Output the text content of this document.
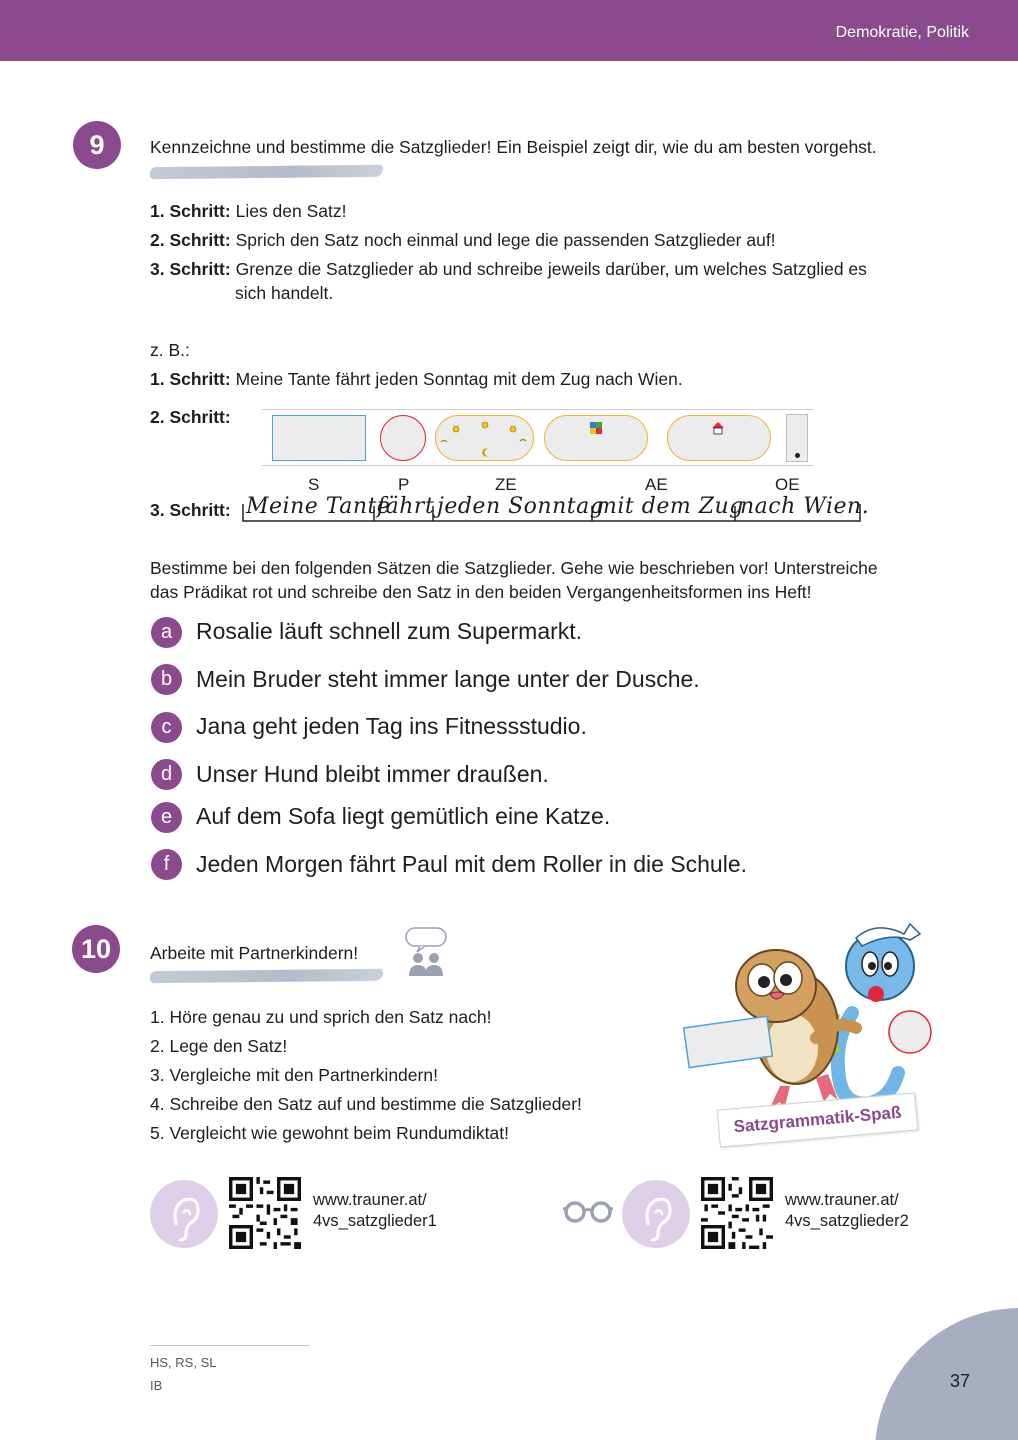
Demokratie, Politik
9	Kennzeichne und bestimme die Satzglieder! Ein Beispiel zeigt dir, wie du am besten vorgehst.
1. Schritt: Lies den Satz!
2. Schritt: Sprich den Satz noch einmal und lege die passenden Satzglieder auf!
3. Schritt: Grenze die Satzglieder ab und schreibe jeweils darüber, um welches Satzglied es
sich handelt.
z. B.:
1. Schritt: Meine Tante fährt jeden Sonntag mit dem Zug nach Wien.
2. Schritt:
S	P	ZE	AE	OE
3. Schritt: Meine Tante
fährt jeden Sonntag
mit dem Zug
nach Wien.
Bestimme bei den folgenden Sätzen die Satzglieder. Gehe wie beschrieben vor! Unterstreiche
das Prädikat rot und schreibe den Satz in den beiden Vergangenheitsformen ins Heft!
a	Rosalie läuft schnell zum Supermarkt.
b	Mein Bruder steht immer lange unter der Dusche.
c	Jana geht jeden Tag ins Fitnessstudio.
d	Unser Hund bleibt immer draußen.
e	Auf dem Sofa liegt gemütlich eine Katze.
f	Jeden Morgen fährt Paul mit dem Roller in die Schule.
10	Arbeite mit Partnerkindern!
1. Höre genau zu und sprich den Satz nach!
2. Lege den Satz!
3. Vergleiche mit den Partnerkindern!
4. Schreibe den Satz auf und bestimme die Satzglieder!
5. Vergleicht wie gewohnt beim Rundumdiktat!	Satzgrammatik-Spaß
www.trauner.at/
4vs_satzglieder1
www.trauner.at/
4vs_satzglieder2
HS, RS, SL
IB	37
